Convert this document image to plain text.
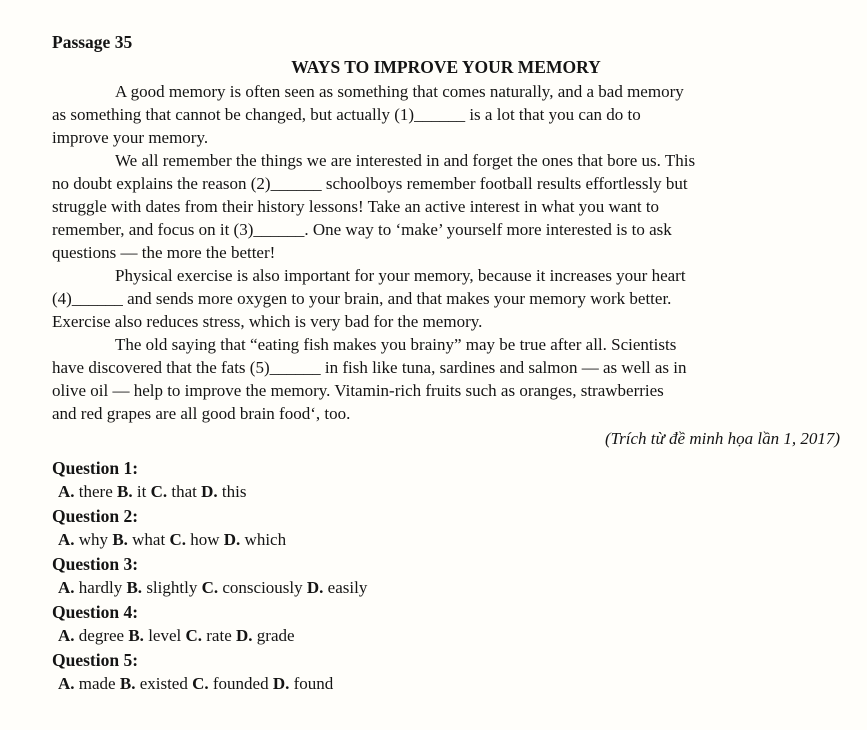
Passage 35
WAYS TO IMPROVE YOUR MEMORY
A good memory is often seen as something that comes naturally, and a bad memory
as something that cannot be changed, but actually (1)______ is a lot that you can do to
improve your memory.
We all remember the things we are interested in and forget the ones that bore us. This
no doubt explains the reason (2)______ schoolboys remember football results effortlessly but
struggle with dates from their history lessons! Take an active interest in what you want to
remember, and focus on it (3)______. One way to ‘make’ yourself more interested is to ask
questions — the more the better!
Physical exercise is also important for your memory, because it increases your heart
(4)______ and sends more oxygen to your brain, and that makes your memory work better.
Exercise also reduces stress, which is very bad for the memory.
The old saying that “eating fish makes you brainy” may be true after all. Scientists
have discovered that the fats (5)______ in fish like tuna, sardines and salmon — as well as in
olive oil — help to improve the memory. Vitamin-rich fruits such as oranges, strawberries
and red grapes are all good brain food‘, too.
(Trích từ đề minh họa lần 1, 2017)
Question 1:
A. there B. it C. that D. this
Question 2:
A. why B. what C. how D. which
Question 3:
A. hardly B. slightly C. consciously D. easily
Question 4:
A. degree B. level C. rate D. grade
Question 5:
A. made B. existed C. founded D. found
